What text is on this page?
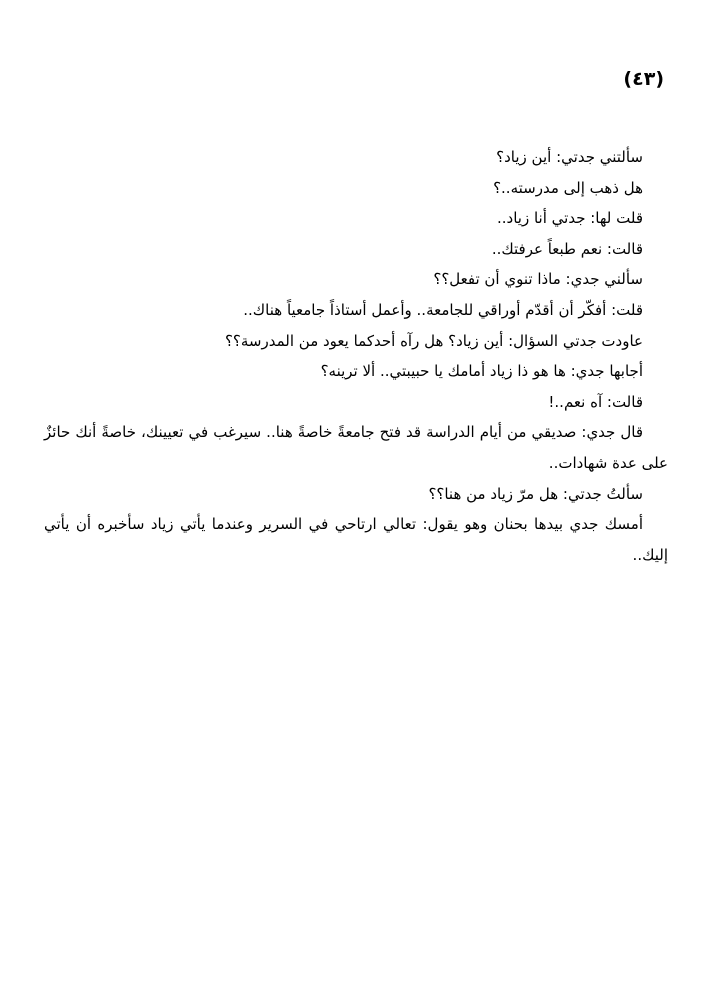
(٤٣)

سألتني جدتي: أين زياد؟

هل ذهب إلى مدرسته..؟

قلت لها: جدتي أنا زياد..

قالت: نعم طبعاً عرفتك..

سألني جدي: ماذا تنوي أن تفعل؟؟

قلت: أفكّر أن أقدّم أوراقي للجامعة.. وأعمل أستاذاً جامعياً هناك..

عاودت جدتي السؤال: أين زياد؟ هل رآه أحدكما يعود من المدرسة؟؟

أجابها جدي: ها هو ذا زياد أمامك يا حبيبتي.. ألا ترينه؟

قالت: آه نعم..!

قال جدي: صديقي من أيام الدراسة قد فتح جامعةً خاصةً هنا.. سيرغب في تعيينك، خاصةً أنك حائزٌ على عدة شهادات..

سألتُ جدتي: هل مرّ زياد من هنا؟؟

أمسك جدي بيدها بحنان وهو يقول: تعالي ارتاحي في السرير وعندما يأتي زياد سأخبره أن يأتي إليك..
